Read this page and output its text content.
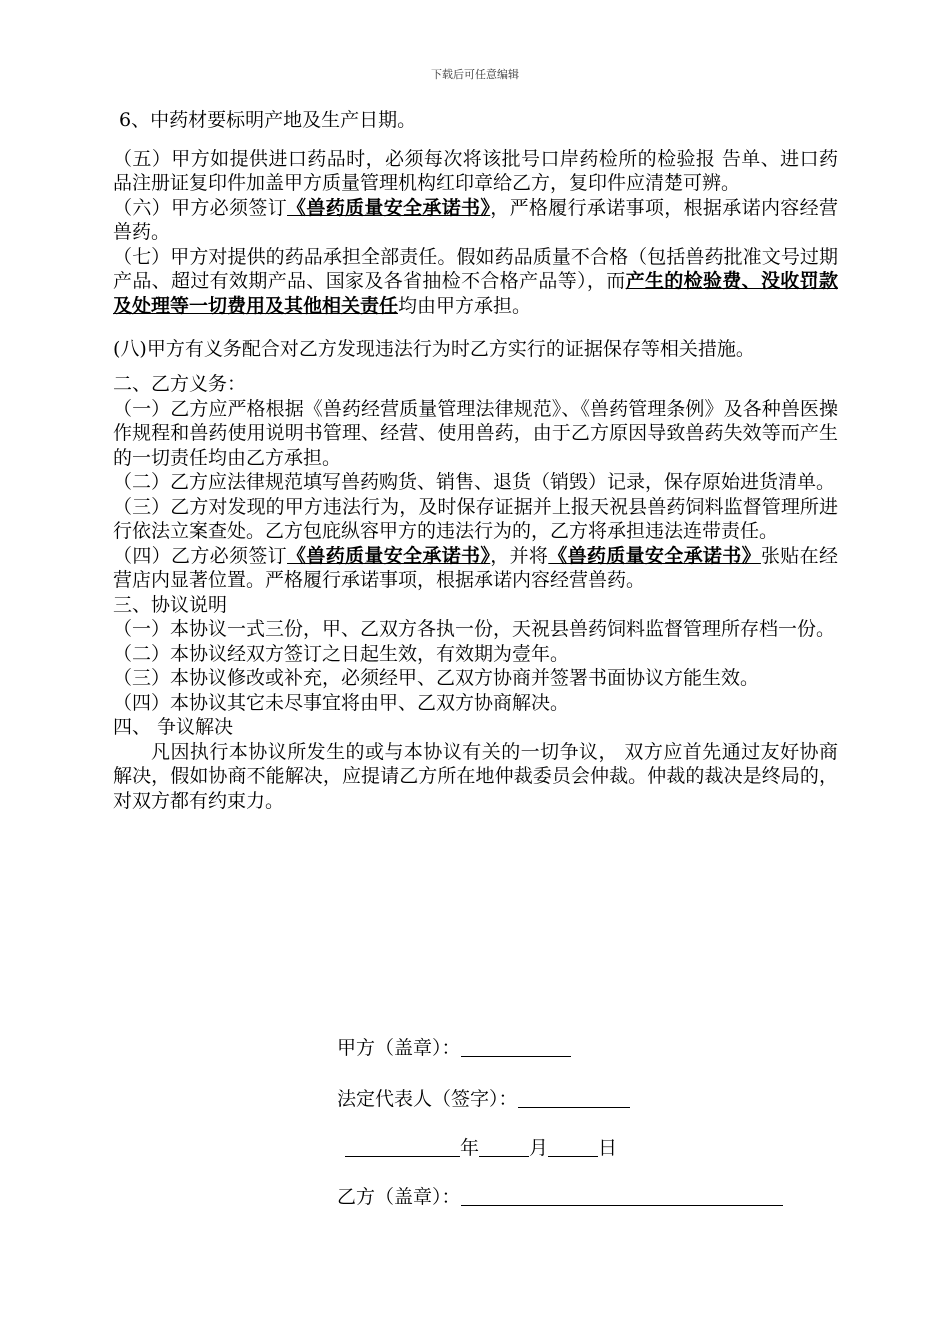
下载后可任意编辑

6、中药材要标明产地及生产日期。

（五）甲方如提供进口药品时，必须每次将该批号口岸药检所的检验报 告单、进口药品注册证复印件加盖甲方质量管理机构红印章给乙方，复印件应清楚可辨。

（六）甲方必须签订《兽药质量安全承诺书》，严格履行承诺事项，根据承诺内容经营兽药。

（七）甲方对提供的药品承担全部责任。假如药品质量不合格（包括兽药批准文号过期产品、超过有效期产品、国家及各省抽检不合格产品等），而产生的检验费、没收罚款及处理等一切费用及其他相关责任均由甲方承担。

(八)甲方有义务配合对乙方发现违法行为时乙方实行的证据保存等相关措施。

二、乙方义务：

（一）乙方应严格根据《兽药经营质量管理法律规范》、《兽药管理条例》及各种兽医操作规程和兽药使用说明书管理、经营、使用兽药，由于乙方原因导致兽药失效等而产生的一切责任均由乙方承担。

（二）乙方应法律规范填写兽药购货、销售、退货（销毁）记录，保存原始进货清单。

（三）乙方对发现的甲方违法行为，及时保存证据并上报天祝县兽药饲料监督管理所进行依法立案查处。乙方包庇纵容甲方的违法行为的，乙方将承担违法连带责任。

（四）乙方必须签订《兽药质量安全承诺书》，并将《兽药质量安全承诺书》张贴在经营店内显著位置。严格履行承诺事项，根据承诺内容经营兽药。

三、协议说明

（一）本协议一式三份，甲、乙双方各执一份，天祝县兽药饲料监督管理所存档一份。

（二）本协议经双方签订之日起生效，有效期为壹年。

（三）本协议修改或补充，必须经甲、乙双方协商并签署书面协议方能生效。

（四）本协议其它未尽事宜将由甲、乙双方协商解决。

四、 争议解决

凡因执行本协议所发生的或与本协议有关的一切争议， 双方应首先通过友好协商解决，假如协商不能解决，应提请乙方所在地仲裁委员会仲裁。仲裁的裁决是终局的，对双方都有约束力。

甲方（盖章）：
法定代表人（签字）：
年	月	日
乙方（盖章）：
